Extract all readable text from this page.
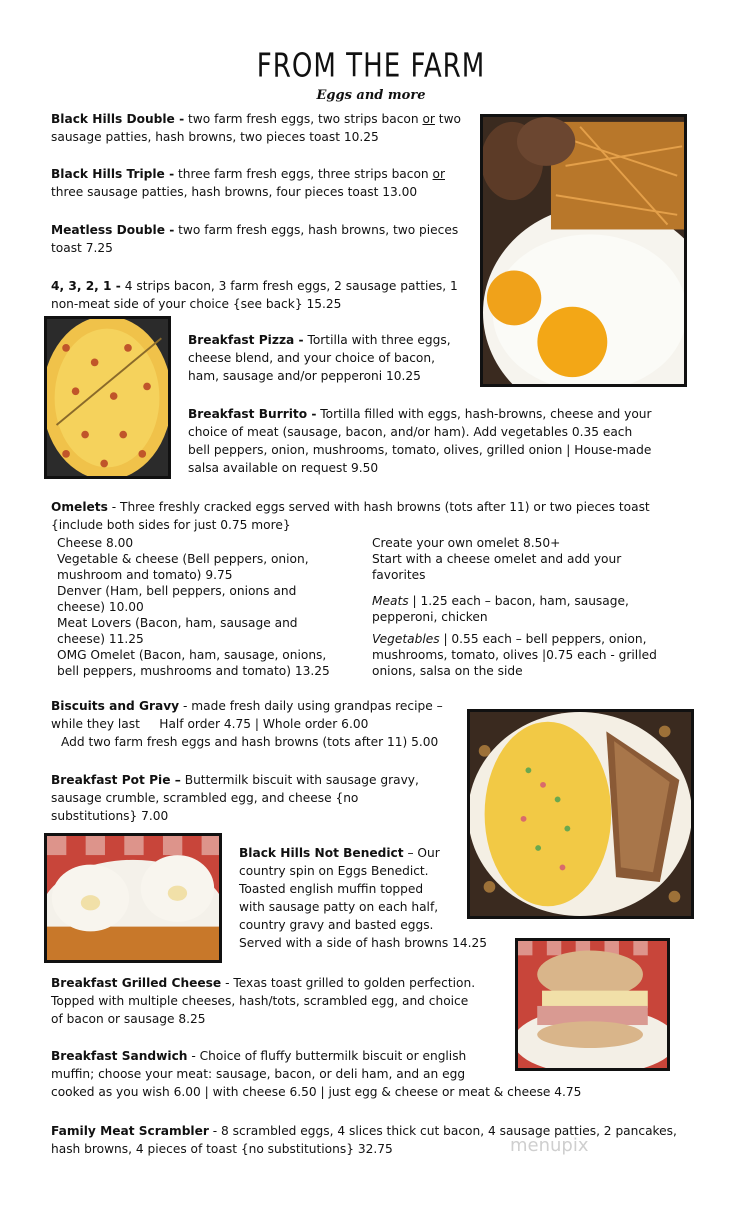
FROM THE FARM
Eggs and more
Black Hills Double - two farm fresh eggs, two strips bacon or two
sausage patties, hash browns, two pieces toast 10.25
Black Hills Triple - three farm fresh eggs, three strips bacon or
three sausage patties, hash browns, four pieces toast 13.00
Meatless Double - two farm fresh eggs, hash browns, two pieces
toast 7.25
4, 3, 2, 1 - 4 strips bacon, 3 farm fresh eggs, 2 sausage patties, 1
non-meat side of your choice {see back} 15.25
Breakfast Pizza - Tortilla with three eggs,
cheese blend, and your choice of bacon,
ham, sausage and/or pepperoni 10.25
Breakfast Burrito - Tortilla filled with eggs, hash-browns, cheese and your
choice of meat (sausage, bacon, and/or ham). Add vegetables 0.35 each
bell peppers, onion, mushrooms, tomato, olives, grilled onion | House-made
salsa available on request 9.50
Omelets - Three freshly cracked eggs served with hash browns (tots after 11) or two pieces toast
{include both sides for just 0.75 more}

Cheese 8.00

Vegetable & cheese (Bell peppers, onion,

mushroom and tomato) 9.75

Denver (Ham, bell peppers, onions and

cheese) 10.00

Meat Lovers (Bacon, ham, sausage and

cheese) 11.25

OMG Omelet (Bacon, ham, sausage, onions,

bell peppers, mushrooms and tomato) 13.25

Create your own omelet 8.50+

Start with a cheese omelet and add your

favorites

Meats | 1.25 each – bacon, ham, sausage,

pepperoni, chicken

Vegetables | 0.55 each – bell peppers, onion,

mushrooms, tomato, olives |0.75 each - grilled

onions, salsa on the side

Biscuits and Gravy - made fresh daily using grandpas recipe –
while they last     Half order 4.75 | Whole order 6.00
Add two farm fresh eggs and hash browns (tots after 11) 5.00
Breakfast Pot Pie – Buttermilk biscuit with sausage gravy,
sausage crumble, scrambled egg, and cheese {no
substitutions} 7.00
Black Hills Not Benedict – Our
country spin on Eggs Benedict.
Toasted english muffin topped
with sausage patty on each half,
country gravy and basted eggs.
Served with a side of hash browns 14.25
Breakfast Grilled Cheese - Texas toast grilled to golden perfection.
Topped with multiple cheeses, hash/tots, scrambled egg, and choice
of bacon or sausage 8.25
Breakfast Sandwich - Choice of fluffy buttermilk biscuit or english
muffin; choose your meat: sausage, bacon, or deli ham, and an egg
cooked as you wish 6.00 | with cheese 6.50 | just egg & cheese or meat & cheese 4.75
Family Meat Scrambler - 8 scrambled eggs, 4 slices thick cut bacon, 4 sausage patties, 2 pancakes,
hash browns, 4 pieces of toast {no substitutions} 32.75	menupix
